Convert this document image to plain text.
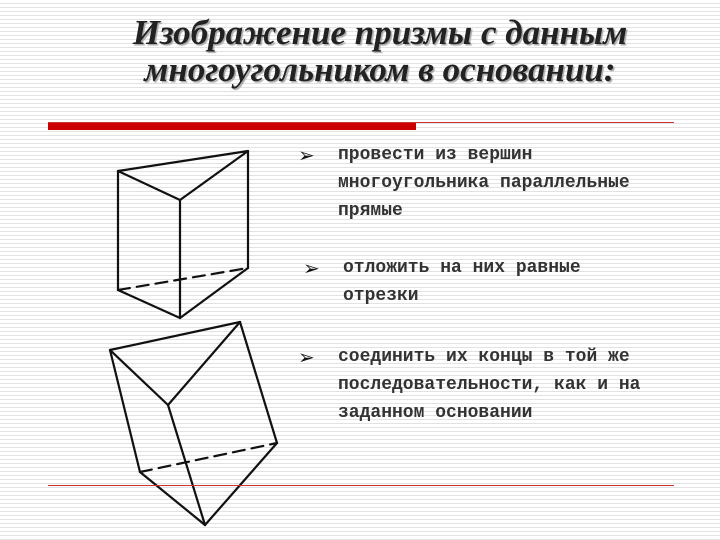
Изображение призмы с данным
многоугольником в основании:
➢ провести из вершин
многоугольника параллельные
прямые
➢ отложить на них равные
отрезки
➢ соединить их концы в той же
последовательности, как и на
заданном основании
